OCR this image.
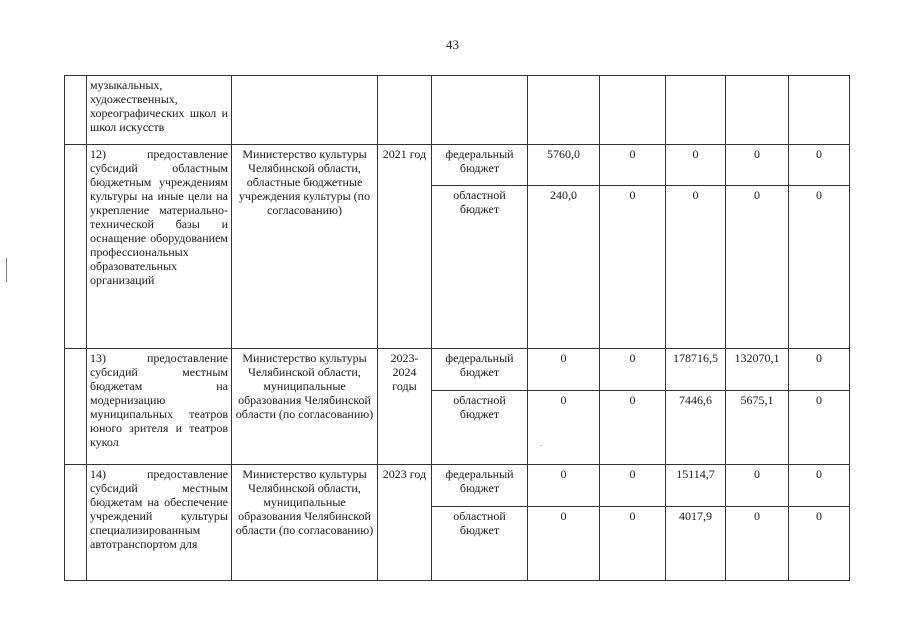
43
	музыкальных, художественных, хореографических школ и школ искусств								
	12) предоставление субсидий областным бюджетным учреждениям культуры на иные цели на укрепление материально-технической базы и оснащение оборудованием профессиональных образовательных организаций	Министерство культуры Челябинской области, областные бюджетные учреждения культуры (по согласованию)	2021 год	федеральный бюджет	5760,0	0	0	0	0
				областной бюджет	240,0	0	0	0	0
	13) предоставление субсидий местным бюджетам на модернизацию муниципальных театров юного зрителя и театров кукол	Министерство культуры Челябинской области, муниципальные образования Челябинской области (по согласованию)	2023-2024 годы	федеральный бюджет	0	0	178716,5	132070,1	0
				областной бюджет	0	0	7446,6	5675,1	0
	14) предоставление субсидий местным бюджетам на обеспечение учреждений культуры специализированным автотранспортом для	Министерство культуры Челябинской области, муниципальные образования Челябинской области (по согласованию)	2023 год	федеральный бюджет	0	0	15114,7	0	0
				областной бюджет	0	0	4017,9	0	0
